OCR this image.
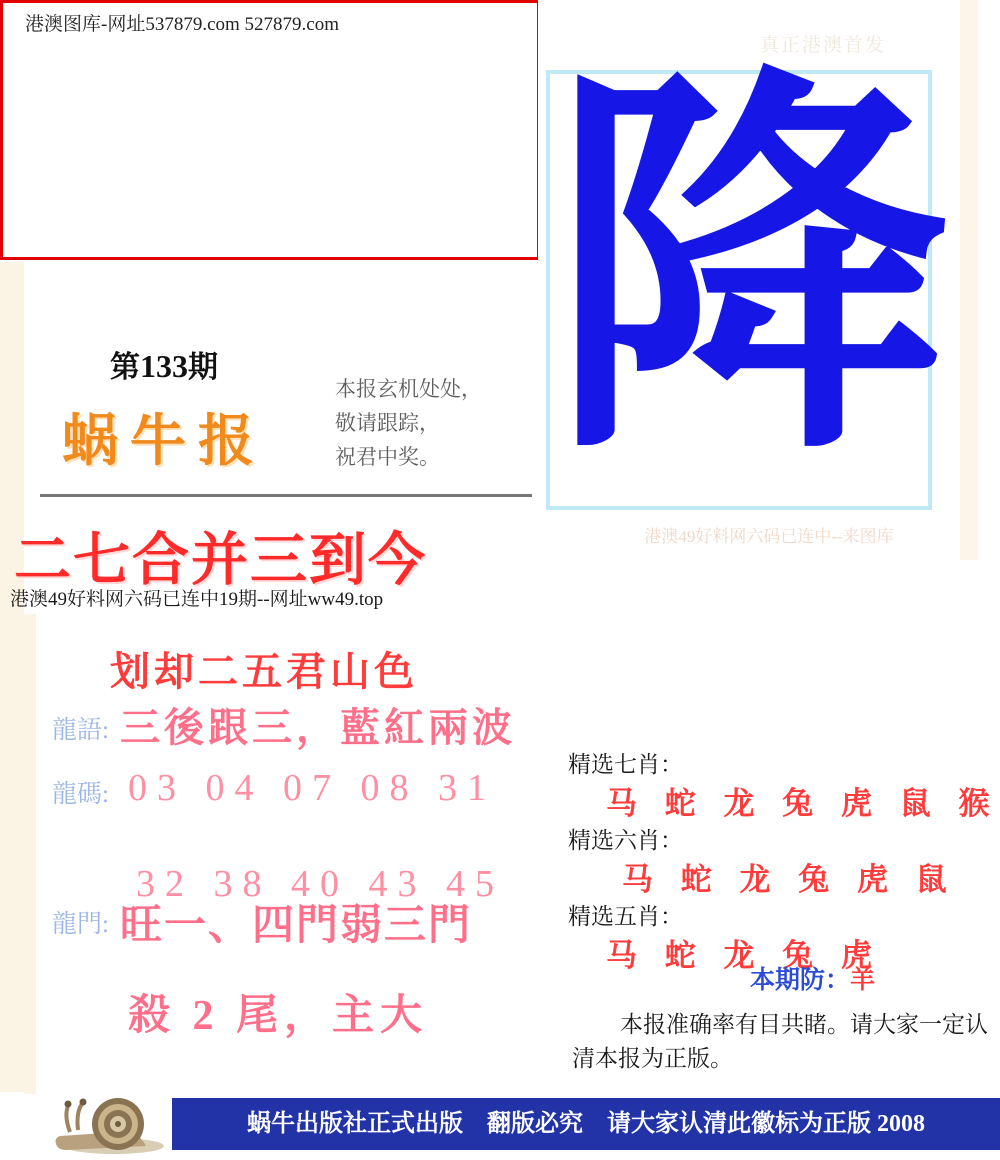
港澳图库-网址537879.com 527879.com
真正港澳首发
降
港澳49好料网六码已连中--来图库
第133期
蜗牛报
本报玄机处处，
敬请跟踪，
祝君中奖。
二七合并三到今
港澳49好料网六码已连中19期--网址ww49.top
划却二五君山色
龍語: 三後跟三，藍紅兩波
龍碼: 03 04 07 08 31
32 38 40 43 45
龍門: 旺一、四門弱三門
殺 2 尾，主大
精选七肖：
马 蛇 龙 兔 虎 鼠 猴
精选六肖：
马 蛇 龙 兔 虎 鼠
精选五肖：
马 蛇 龙 兔 虎
本期防：羊
本报准确率有目共睹。请大家一定认清本报为正版。
蜗牛出版社正式出版　翻版必究　请大家认清此徽标为正版 2008
